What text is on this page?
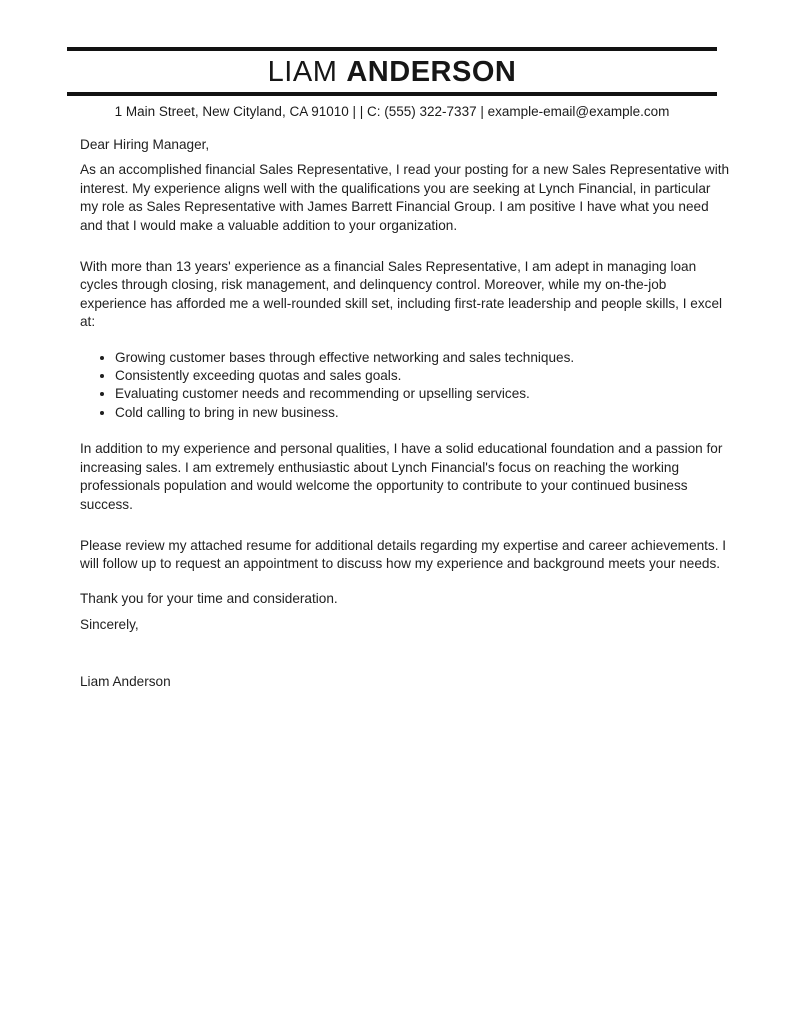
LIAM ANDERSON
1 Main Street, New Cityland, CA 91010 | | C: (555) 322-7337 | example-email@example.com

Dear Hiring Manager,

As an accomplished financial Sales Representative, I read your posting for a new Sales Representative with interest. My experience aligns well with the qualifications you are seeking at Lynch Financial, in particular my role as Sales Representative with James Barrett Financial Group. I am positive I have what you need and that I would make a valuable addition to your organization.

With more than 13 years' experience as a financial Sales Representative, I am adept in managing loan cycles through closing, risk management, and delinquency control. Moreover, while my on-the-job experience has afforded me a well-rounded skill set, including first-rate leadership and people skills, I excel at:

• Growing customer bases through effective networking and sales techniques.
• Consistently exceeding quotas and sales goals.
• Evaluating customer needs and recommending or upselling services.
• Cold calling to bring in new business.

In addition to my experience and personal qualities, I have a solid educational foundation and a passion for increasing sales. I am extremely enthusiastic about Lynch Financial's focus on reaching the working professionals population and would welcome the opportunity to contribute to your continued business success.

Please review my attached resume for additional details regarding my expertise and career achievements. I will follow up to request an appointment to discuss how my experience and background meets your needs.

Thank you for your time and consideration.

Sincerely,

Liam Anderson
